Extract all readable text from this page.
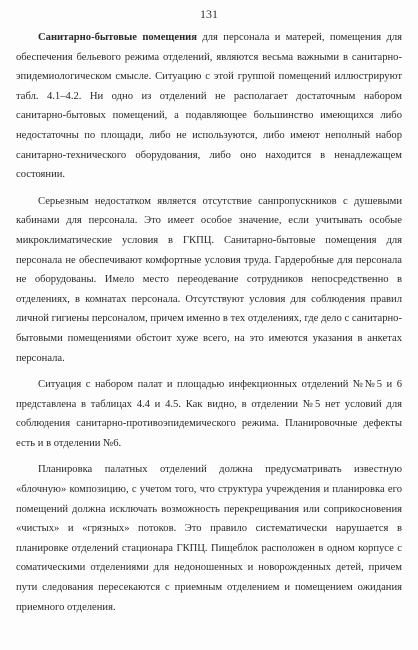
131

Санитарно-бытовые помещения для персонала и матерей, помещения для обеспечения бельевого режима отделений, являются весьма важными в санитарно-эпидемиологическом смысле. Ситуацию с этой группой помещений иллюстрируют табл. 4.1–4.2. Ни одно из отделений не располагает достаточным набором санитарно-бытовых помещений, а подавляющее большинство имеющихся либо недостаточны по площади, либо не используются, либо имеют неполный набор санитарно-технического оборудования, либо оно находится в ненадлежащем состоянии.

Серьезным недостатком является отсутствие санпропускников с душевыми кабинами для персонала. Это имеет особое значение, если учитывать особые микроклиматические условия в ГКПЦ. Санитарно-бытовые помещения для персонала не обеспечивают комфортные условия труда. Гардеробные для персонала не оборудованы. Имело место переодевание сотрудников непосредственно в отделениях, в комнатах персонала. Отсутствуют условия для соблюдения правил личной гигиены персоналом, причем именно в тех отделениях, где дело с санитарно-бытовыми помещениями обстоит хуже всего, на это имеются указания в анкетах персонала.

Ситуация с набором палат и площадью инфекционных отделений №№5 и 6 представлена в таблицах 4.4 и 4.5. Как видно, в отделении №5 нет условий для соблюдения санитарно-противоэпидемического режима. Планировочные дефекты есть и в отделении №6.

Планировка палатных отделений должна предусматривать известную «блочную» композицию, с учетом того, что структура учреждения и планировка его помещений должна исключать возможность перекрещивания или соприкосновения «чистых» и «грязных» потоков. Это правило систематически нарушается в планировке отделений стационара ГКПЦ. Пищеблок расположен в одном корпусе с соматическими отделениями для недоношенных и новорожденных детей, причем пути следования пересекаются с приемным отделением и помещением ожидания приемного отделения.
